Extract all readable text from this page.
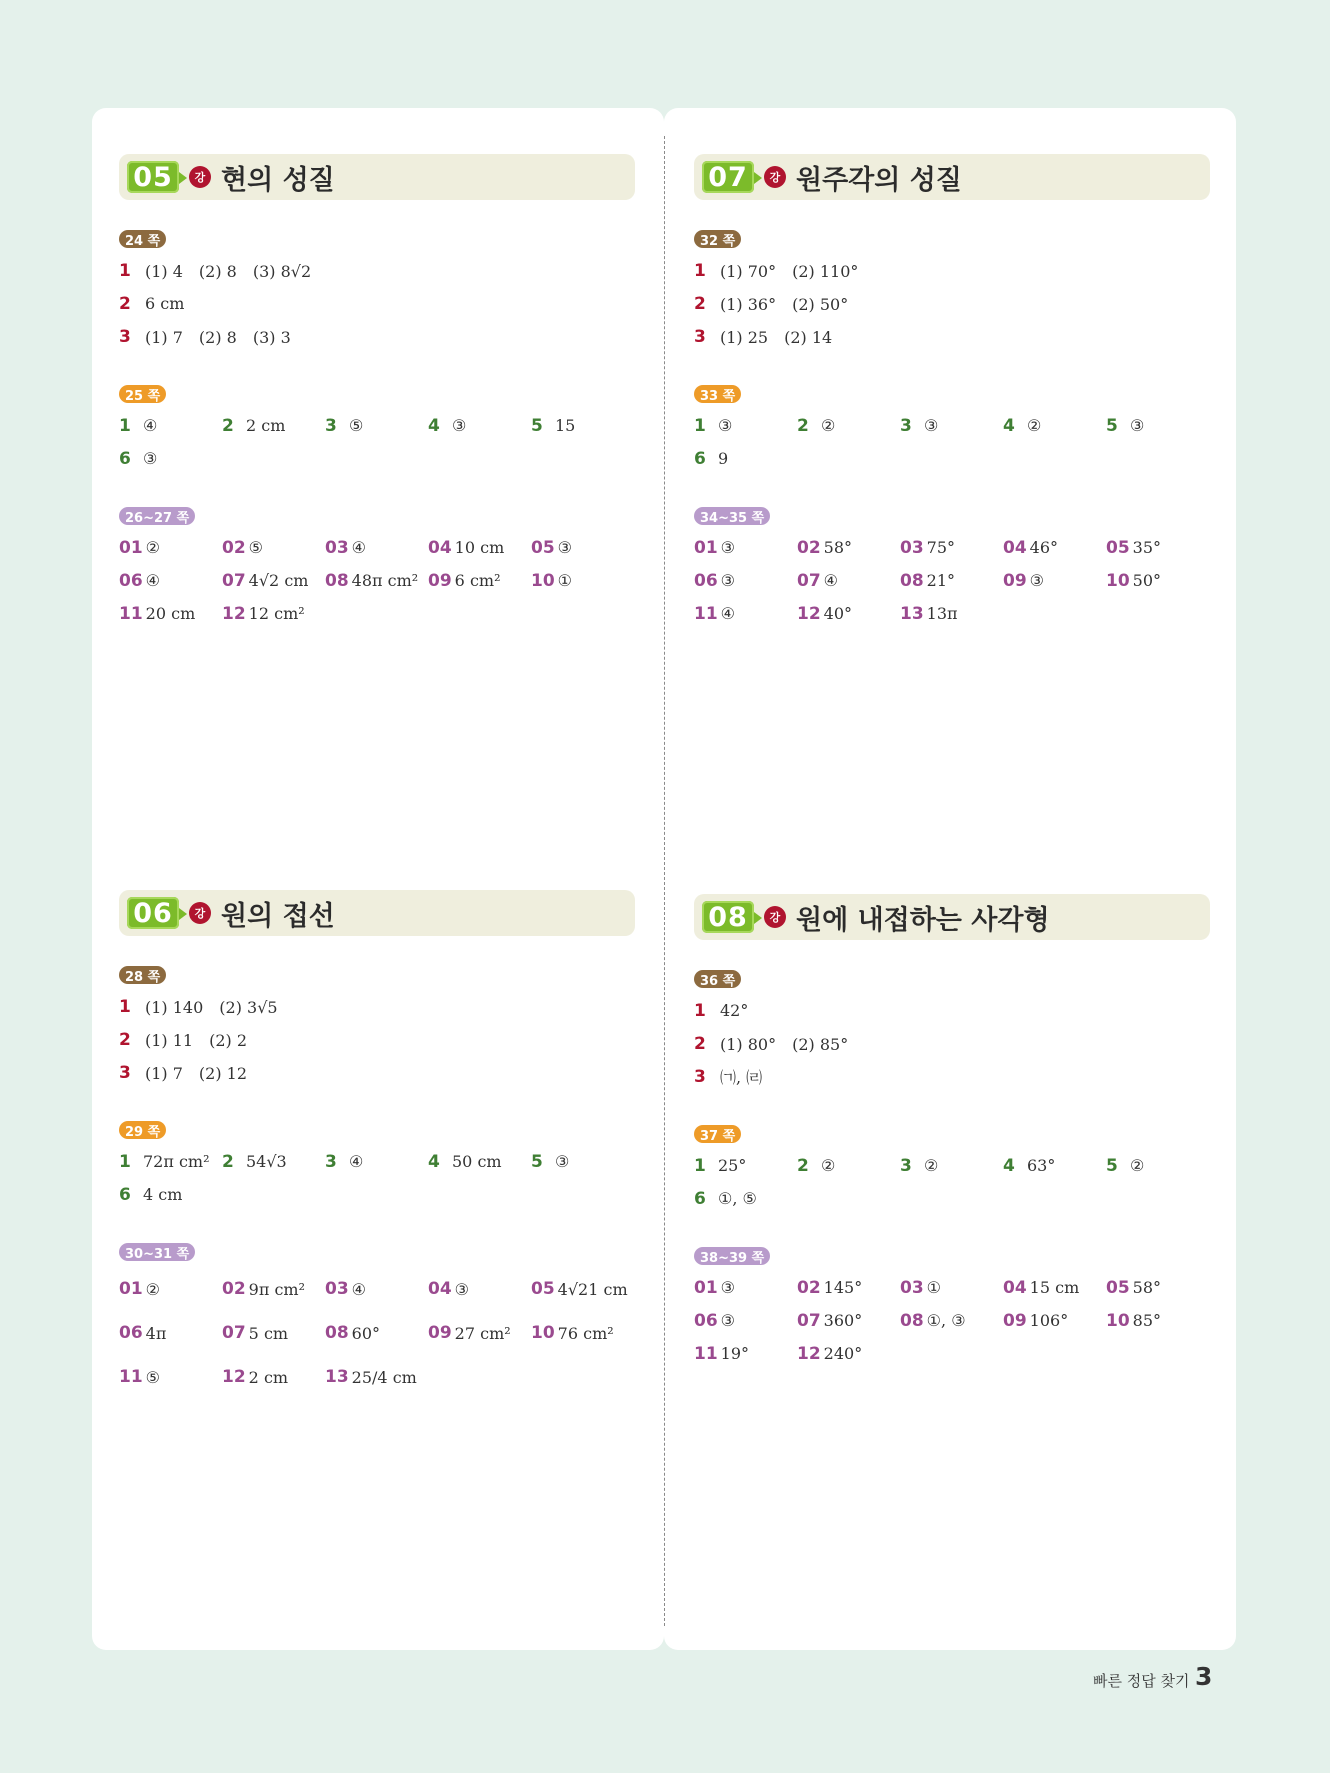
05	강 현의 성질
24 쪽
1 (1) 4　(2) 8　(3) 8√2
2 6 cm
3 (1) 7　(2) 8　(3) 3
25 쪽
1 ④	2 2 cm 3 ⑤	4 ③	5 15
6 ③
26~27 쪽
01 ②	02 ⑤	03 ④	04 10 cm 05 ③
06 ④	07 4√2 cm 08 48π cm² 09 6 cm² 10 ①
11 20 cm 12 12 cm²
06	강 원의 접선
28 쪽
1 (1) 140　(2) 3√5
2 (1) 11　(2) 2
3 (1) 7　(2) 12
29 쪽
1 72π cm² 2 54√3 3 ④	4 50 cm 5 ③
6 4 cm
30~31 쪽
01 ②	02 9π cm² 03 ④	04 ③	05 4√21 cm
06 4π	07 5 cm 08 60°	09 27 cm² 10 76 cm²
11 ⑤	12 2 cm 13 25/4 cm
07	강 원주각의 성질
32 쪽
1 (1) 70°　(2) 110°
2 (1) 36°　(2) 50°
3 (1) 25　(2) 14
33 쪽
1 ③	2 ②	3 ③	4 ②	5 ③
6 9
34~35 쪽
01 ③	02 58°	03 75°	04 46°	05 35°
06 ③	07 ④	08 21°	09 ③	10 50°
11 ④	12 40°	13 13π
08	강 원에 내접하는 사각형
36 쪽
1 42°
2 (1) 80°　(2) 85°
3 ㈀, ㈃
37 쪽
1 25°	2 ②	3 ②	4 63°	5 ②
6 ①, ⑤
38~39 쪽
01 ③	02 145° 03 ①	04 15 cm 05 58°
06 ③	07 360° 08 ①, ③ 09 106° 10 85°
11 19°	12 240°
빠른 정답 찾기 3
